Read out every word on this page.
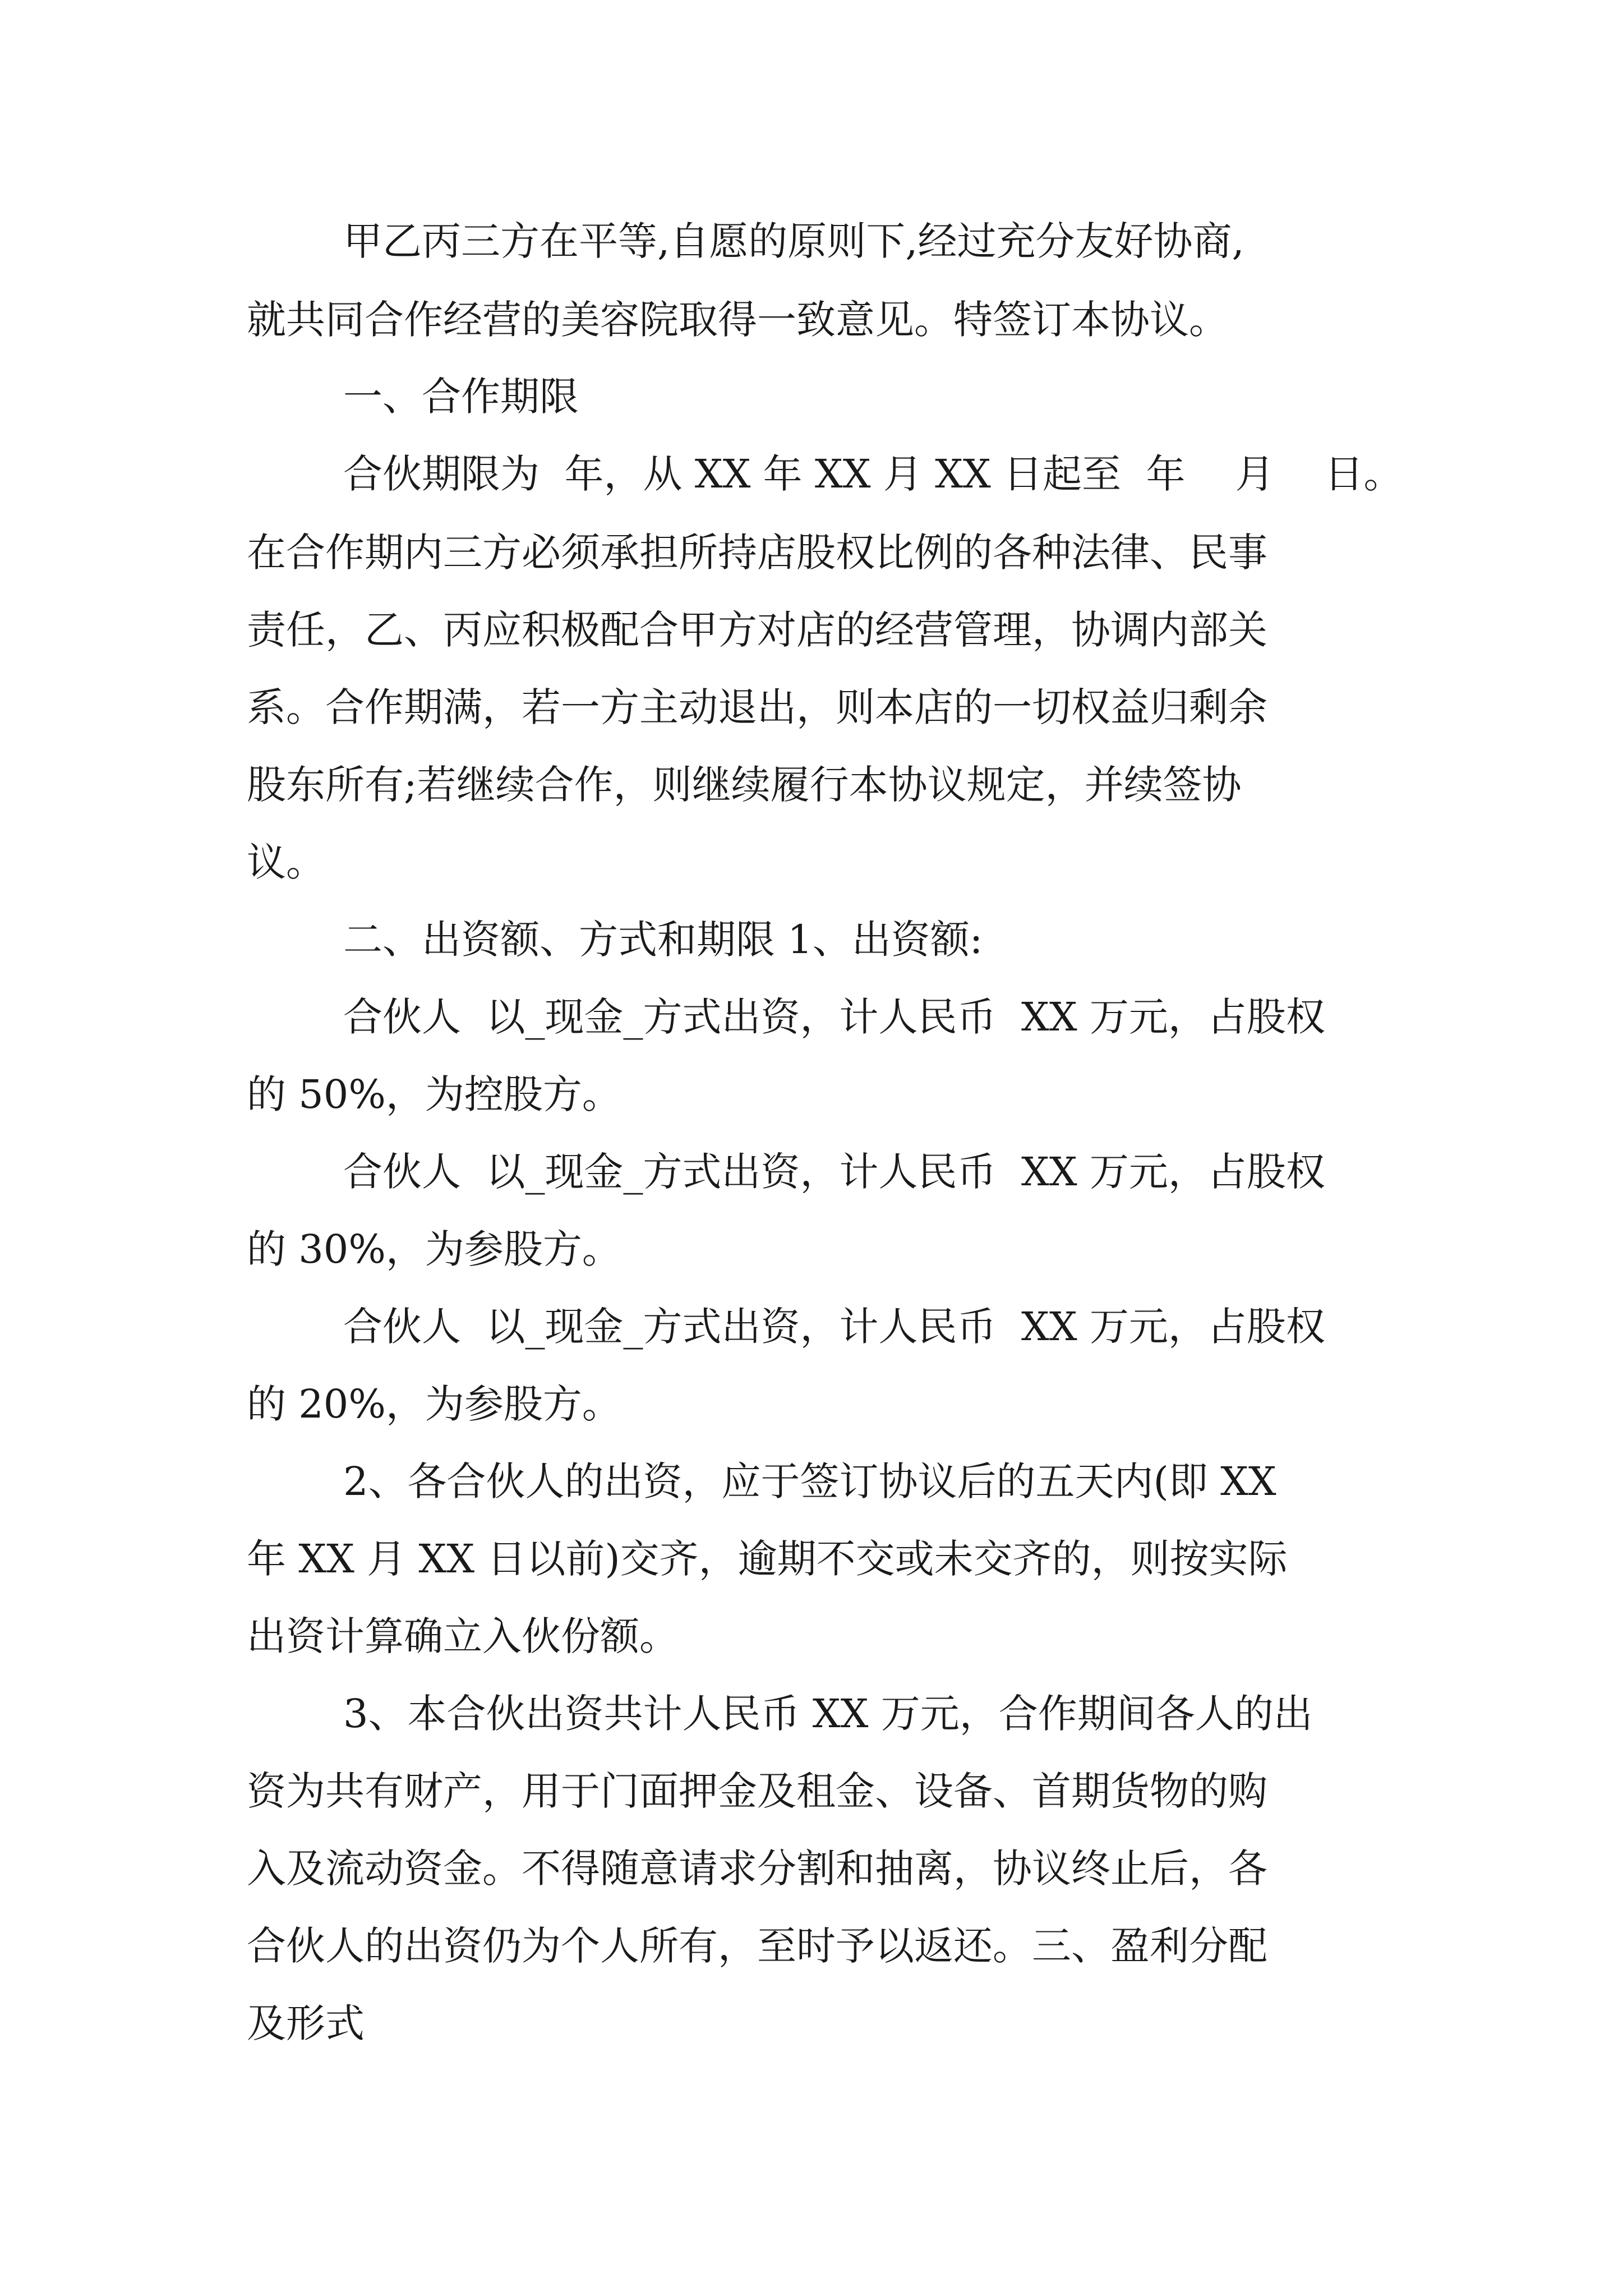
甲乙丙三方在平等,自愿的原则下,经过充分友好协商,
就共同合作经营的美容院取得一致意见。特签订本协议。
一、合作期限
合伙期限为  年，从 XX 年 XX 月 XX 日起至  年    月    日。
在合作期内三方必须承担所持店股权比例的各种法律、民事
责任，乙、丙应积极配合甲方对店的经营管理，协调内部关
系。合作期满，若一方主动退出，则本店的一切权益归剩余
股东所有;若继续合作，则继续履行本协议规定，并续签协
议。
二、出资额、方式和期限 1、出资额:
合伙人  以_现金_方式出资，计人民币  XX 万元，占股权
的 50%，为控股方。
合伙人  以_现金_方式出资，计人民币  XX 万元，占股权
的 30%，为参股方。
合伙人  以_现金_方式出资，计人民币  XX 万元，占股权
的 20%，为参股方。
2、各合伙人的出资，应于签订协议后的五天内(即 XX
年 XX 月 XX 日以前)交齐，逾期不交或未交齐的，则按实际
出资计算确立入伙份额。
3、本合伙出资共计人民币 XX 万元，合作期间各人的出
资为共有财产，用于门面押金及租金、设备、首期货物的购
入及流动资金。不得随意请求分割和抽离，协议终止后，各
合伙人的出资仍为个人所有，至时予以返还。三、盈利分配
及形式
